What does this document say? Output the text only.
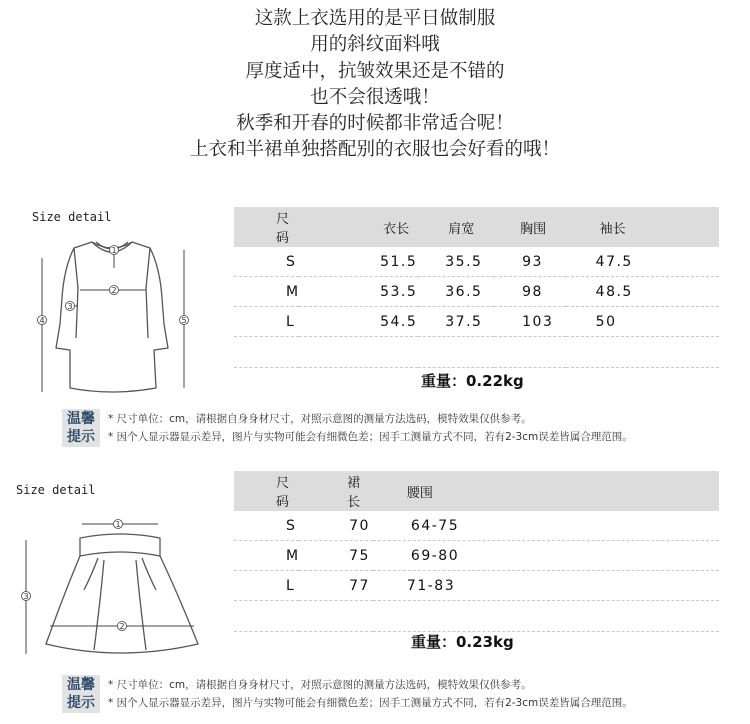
这款上衣选用的是平日做制服
用的斜纹面料哦
厚度适中，抗皱效果还是不错的
也不会很透哦！
秋季和开春的时候都非常适合呢！
上衣和半裙单独搭配别的衣服也会好看的哦！
Size detail
1
2
3
4	5
尺码	衣长	肩宽	胸围	袖长
S	51.5	35.5	93	47.5
M	53.5	36.5	98	48.5
L	54.5	37.5	103	50

重量：0.22kg
温馨
提示
* 尺寸单位：cm，请根据自身身材尺寸，对照示意图的测量方法选码，模特效果仅供参考。
* 因个人显示器显示差异，图片与实物可能会有细微色差；因手工测量方式不同，若有2-3cm误差皆属合理范围。
Size detail
1
2
3
尺 码	裙长	腰围
S	70	64-75
M	75	69-80
L	77	71-83

重量：0.23kg
温馨
提示
* 尺寸单位：cm，请根据自身身材尺寸，对照示意图的测量方法选码，模特效果仅供参考。
* 因个人显示器显示差异，图片与实物可能会有细微色差；因手工测量方式不同，若有2-3cm误差皆属合理范围。
